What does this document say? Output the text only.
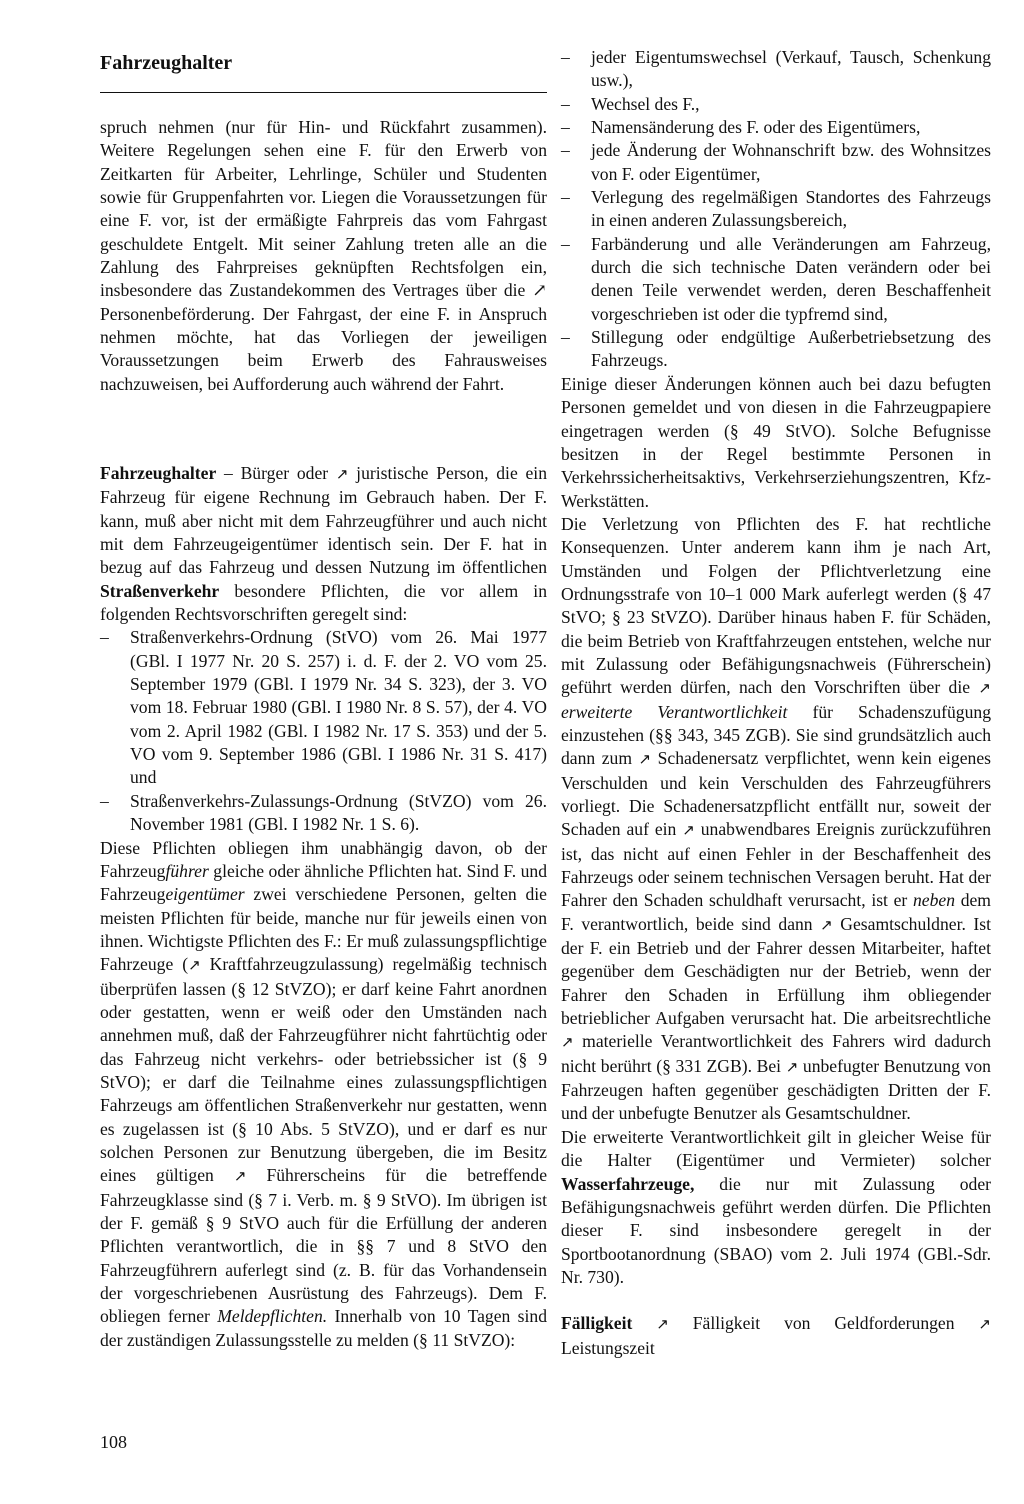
Fahrzeughalter

spruch nehmen (nur für Hin- und Rückfahrt zusammen). Weitere Regelungen sehen eine F. für den Erwerb von Zeitkarten für Arbeiter, Lehrlinge, Schüler und Studenten sowie für Gruppenfahrten vor. Liegen die Voraussetzungen für eine F. vor, ist der ermäßigte Fahrpreis das vom Fahrgast geschuldete Entgelt. Mit seiner Zahlung treten alle an die Zahlung des Fahrpreises geknüpften Rechtsfolgen ein, insbesondere das Zustandekommen des Vertrages über die ↗ Personenbeförderung. Der Fahrgast, der eine F. in Anspruch nehmen möchte, hat das Vorliegen der jeweiligen Voraussetzungen beim Erwerb des Fahrausweises nachzuweisen, bei Aufforderung auch während der Fahrt.

Fahrzeughalter – Bürger oder ↗ juristische Person, die ein Fahrzeug für eigene Rechnung im Gebrauch haben. Der F. kann, muß aber nicht mit dem Fahrzeugführer und auch nicht mit dem Fahrzeugeigentümer identisch sein. Der F. hat in bezug auf das Fahrzeug und dessen Nutzung im öffentlichen Straßenverkehr besondere Pflichten, die vor allem in folgenden Rechtsvorschriften geregelt sind:

– Straßenverkehrs-Ordnung (StVO) vom 26. Mai 1977 (GBl. I 1977 Nr. 20 S. 257) i. d. F. der 2. VO vom 25. September 1979 (GBl. I 1979 Nr. 34 S. 323), der 3. VO vom 18. Februar 1980 (GBl. I 1980 Nr. 8 S. 57), der 4. VO vom 2. April 1982 (GBl. I 1982 Nr. 17 S. 353) und der 5. VO vom 9. September 1986 (GBl. I 1986 Nr. 31 S. 417) und
– Straßenverkehrs-Zulassungs-Ordnung (StVZO) vom 26. November 1981 (GBl. I 1982 Nr. 1 S. 6).

Diese Pflichten obliegen ihm unabhängig davon, ob der Fahrzeugführer gleiche oder ähnliche Pflichten hat. Sind F. und Fahrzeugeigentümer zwei verschiedene Personen, gelten die meisten Pflichten für beide, manche nur für jeweils einen von ihnen. Wichtigste Pflichten des F.: Er muß zulassungspflichtige Fahrzeuge (↗ Kraftfahrzeugzulassung) regelmäßig technisch überprüfen lassen (§ 12 StVZO); er darf keine Fahrt anordnen oder gestatten, wenn er weiß oder den Umständen nach annehmen muß, daß der Fahrzeugführer nicht fahrtüchtig oder das Fahrzeug nicht verkehrs- oder betriebssicher ist (§ 9 StVO); er darf die Teilnahme eines zulassungspflichtigen Fahrzeugs am öffentlichen Straßenverkehr nur gestatten, wenn es zugelassen ist (§ 10 Abs. 5 StVZO), und er darf es nur solchen Personen zur Benutzung übergeben, die im Besitz eines gültigen ↗ Führerscheins für die betreffende Fahrzeugklasse sind (§ 7 i. Verb. m. § 9 StVO). Im übrigen ist der F. gemäß § 9 StVO auch für die Erfüllung der anderen Pflichten verantwortlich, die in §§ 7 und 8 StVO den Fahrzeugführern auferlegt sind (z. B. für das Vorhandensein der vorgeschriebenen Ausrüstung des Fahrzeugs). Dem F. obliegen ferner Meldepflichten. Innerhalb von 10 Tagen sind der zuständigen Zulassungsstelle zu melden (§ 11 StVZO):

– jeder Eigentumswechsel (Verkauf, Tausch, Schenkung usw.),
– Wechsel des F.,
– Namensänderung des F. oder des Eigentümers,
– jede Änderung der Wohnanschrift bzw. des Wohnsitzes von F. oder Eigentümer,
– Verlegung des regelmäßigen Standortes des Fahrzeugs in einen anderen Zulassungsbereich,
– Farbänderung und alle Veränderungen am Fahrzeug, durch die sich technische Daten verändern oder bei denen Teile verwendet werden, deren Beschaffenheit vorgeschrieben ist oder die typfremd sind,
– Stillegung oder endgültige Außerbetriebsetzung des Fahrzeugs.

Einige dieser Änderungen können auch bei dazu befugten Personen gemeldet und von diesen in die Fahrzeugpapiere eingetragen werden (§ 49 StVO). Solche Befugnisse besitzen in der Regel bestimmte Personen in Verkehrssicherheitsaktivs, Verkehrserziehungszentren, Kfz-Werkstätten.

Die Verletzung von Pflichten des F. hat rechtliche Konsequenzen. Unter anderem kann ihm je nach Art, Umständen und Folgen der Pflichtverletzung eine Ordnungsstrafe von 10–1 000 Mark auferlegt werden (§ 47 StVO; § 23 StVZO). Darüber hinaus haben F. für Schäden, die beim Betrieb von Kraftfahrzeugen entstehen, welche nur mit Zulassung oder Befähigungsnachweis (Führerschein) geführt werden dürfen, nach den Vorschriften über die ↗ erweiterte Verantwortlichkeit für Schadenszufügung einzustehen (§§ 343, 345 ZGB). Sie sind grundsätzlich auch dann zum ↗ Schadenersatz verpflichtet, wenn kein eigenes Verschulden und kein Verschulden des Fahrzeugführers vorliegt. Die Schadenersatzpflicht entfällt nur, soweit der Schaden auf ein ↗ unabwendbares Ereignis zurückzuführen ist, das nicht auf einen Fehler in der Beschaffenheit des Fahrzeugs oder seinem technischen Versagen beruht. Hat der Fahrer den Schaden schuldhaft verursacht, ist er neben dem F. verantwortlich, beide sind dann ↗ Gesamtschuldner. Ist der F. ein Betrieb und der Fahrer dessen Mitarbeiter, haftet gegenüber dem Geschädigten nur der Betrieb, wenn der Fahrer den Schaden in Erfüllung ihm obliegender betrieblicher Aufgaben verursacht hat. Die arbeitsrechtliche ↗ materielle Verantwortlichkeit des Fahrers wird dadurch nicht berührt (§ 331 ZGB). Bei ↗ unbefugter Benutzung von Fahrzeugen haften gegenüber geschädigten Dritten der F. und der unbefugte Benutzer als Gesamtschuldner.

Die erweiterte Verantwortlichkeit gilt in gleicher Weise für die Halter (Eigentümer und Vermieter) solcher Wasserfahrzeuge, die nur mit Zulassung oder Befähigungsnachweis geführt werden dürfen. Die Pflichten dieser F. sind insbesondere geregelt in der Sportbootanordnung (SBAO) vom 2. Juli 1974 (GBl.-Sdr. Nr. 730).

Fälligkeit ↗ Fälligkeit von Geldforderungen ↗ Leistungszeit

108
